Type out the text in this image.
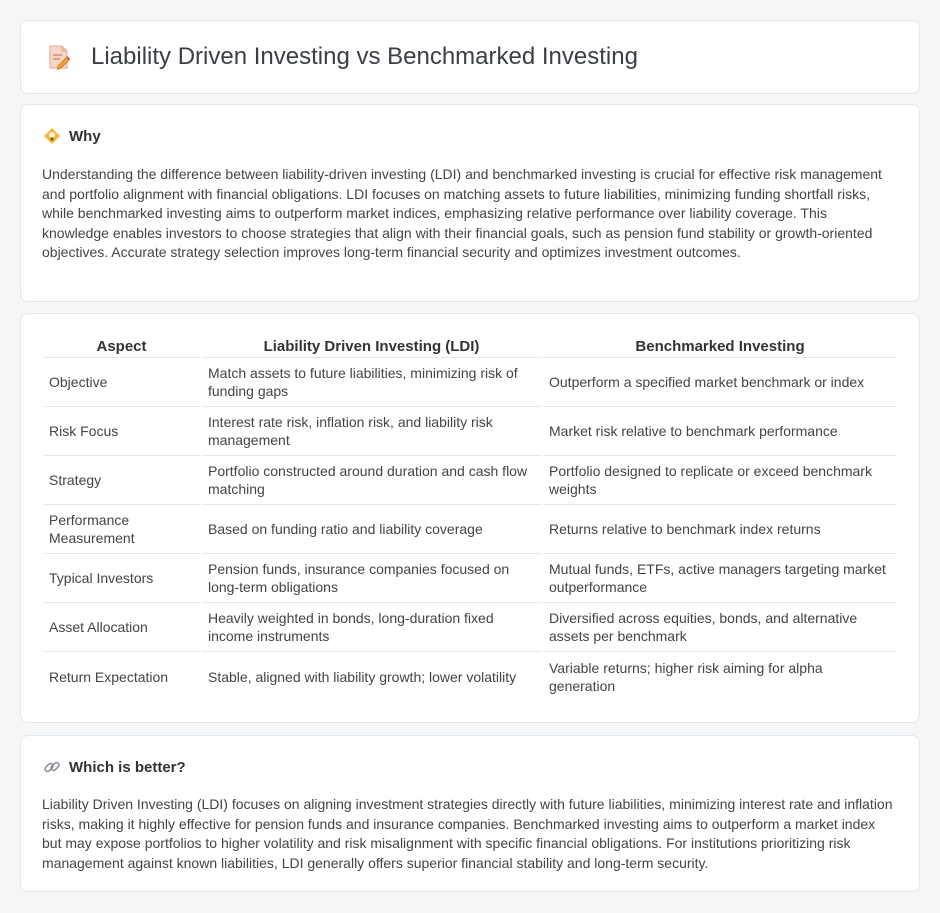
Liability Driven Investing vs Benchmarked Investing
Why

Understanding the difference between liability-driven investing (LDI) and benchmarked investing is crucial for effective risk management and portfolio alignment with financial obligations. LDI focuses on matching assets to future liabilities, minimizing funding shortfall risks, while benchmarked investing aims to outperform market indices, emphasizing relative performance over liability coverage. This knowledge enables investors to choose strategies that align with their financial goals, such as pension fund stability or growth-oriented objectives. Accurate strategy selection improves long-term financial security and optimizes investment outcomes.

Aspect	Liability Driven Investing (LDI)	Benchmarked Investing
Objective	Match assets to future liabilities, minimizing risk of funding gaps	Outperform a specified market benchmark or index
Risk Focus	Interest rate risk, inflation risk, and liability risk management	Market risk relative to benchmark performance
Strategy	Portfolio constructed around duration and cash flow matching	Portfolio designed to replicate or exceed benchmark weights
Performance Measurement	Based on funding ratio and liability coverage	Returns relative to benchmark index returns
Typical Investors	Pension funds, insurance companies focused on long-term obligations	Mutual funds, ETFs, active managers targeting market outperformance
Asset Allocation	Heavily weighted in bonds, long-duration fixed income instruments	Diversified across equities, bonds, and alternative assets per benchmark
Return Expectation	Stable, aligned with liability growth; lower volatility	Variable returns; higher risk aiming for alpha generation
Which is better?

Liability Driven Investing (LDI) focuses on aligning investment strategies directly with future liabilities, minimizing interest rate and inflation risks, making it highly effective for pension funds and insurance companies. Benchmarked investing aims to outperform a market index but may expose portfolios to higher volatility and risk misalignment with specific financial obligations. For institutions prioritizing risk management against known liabilities, LDI generally offers superior financial stability and long-term security.
